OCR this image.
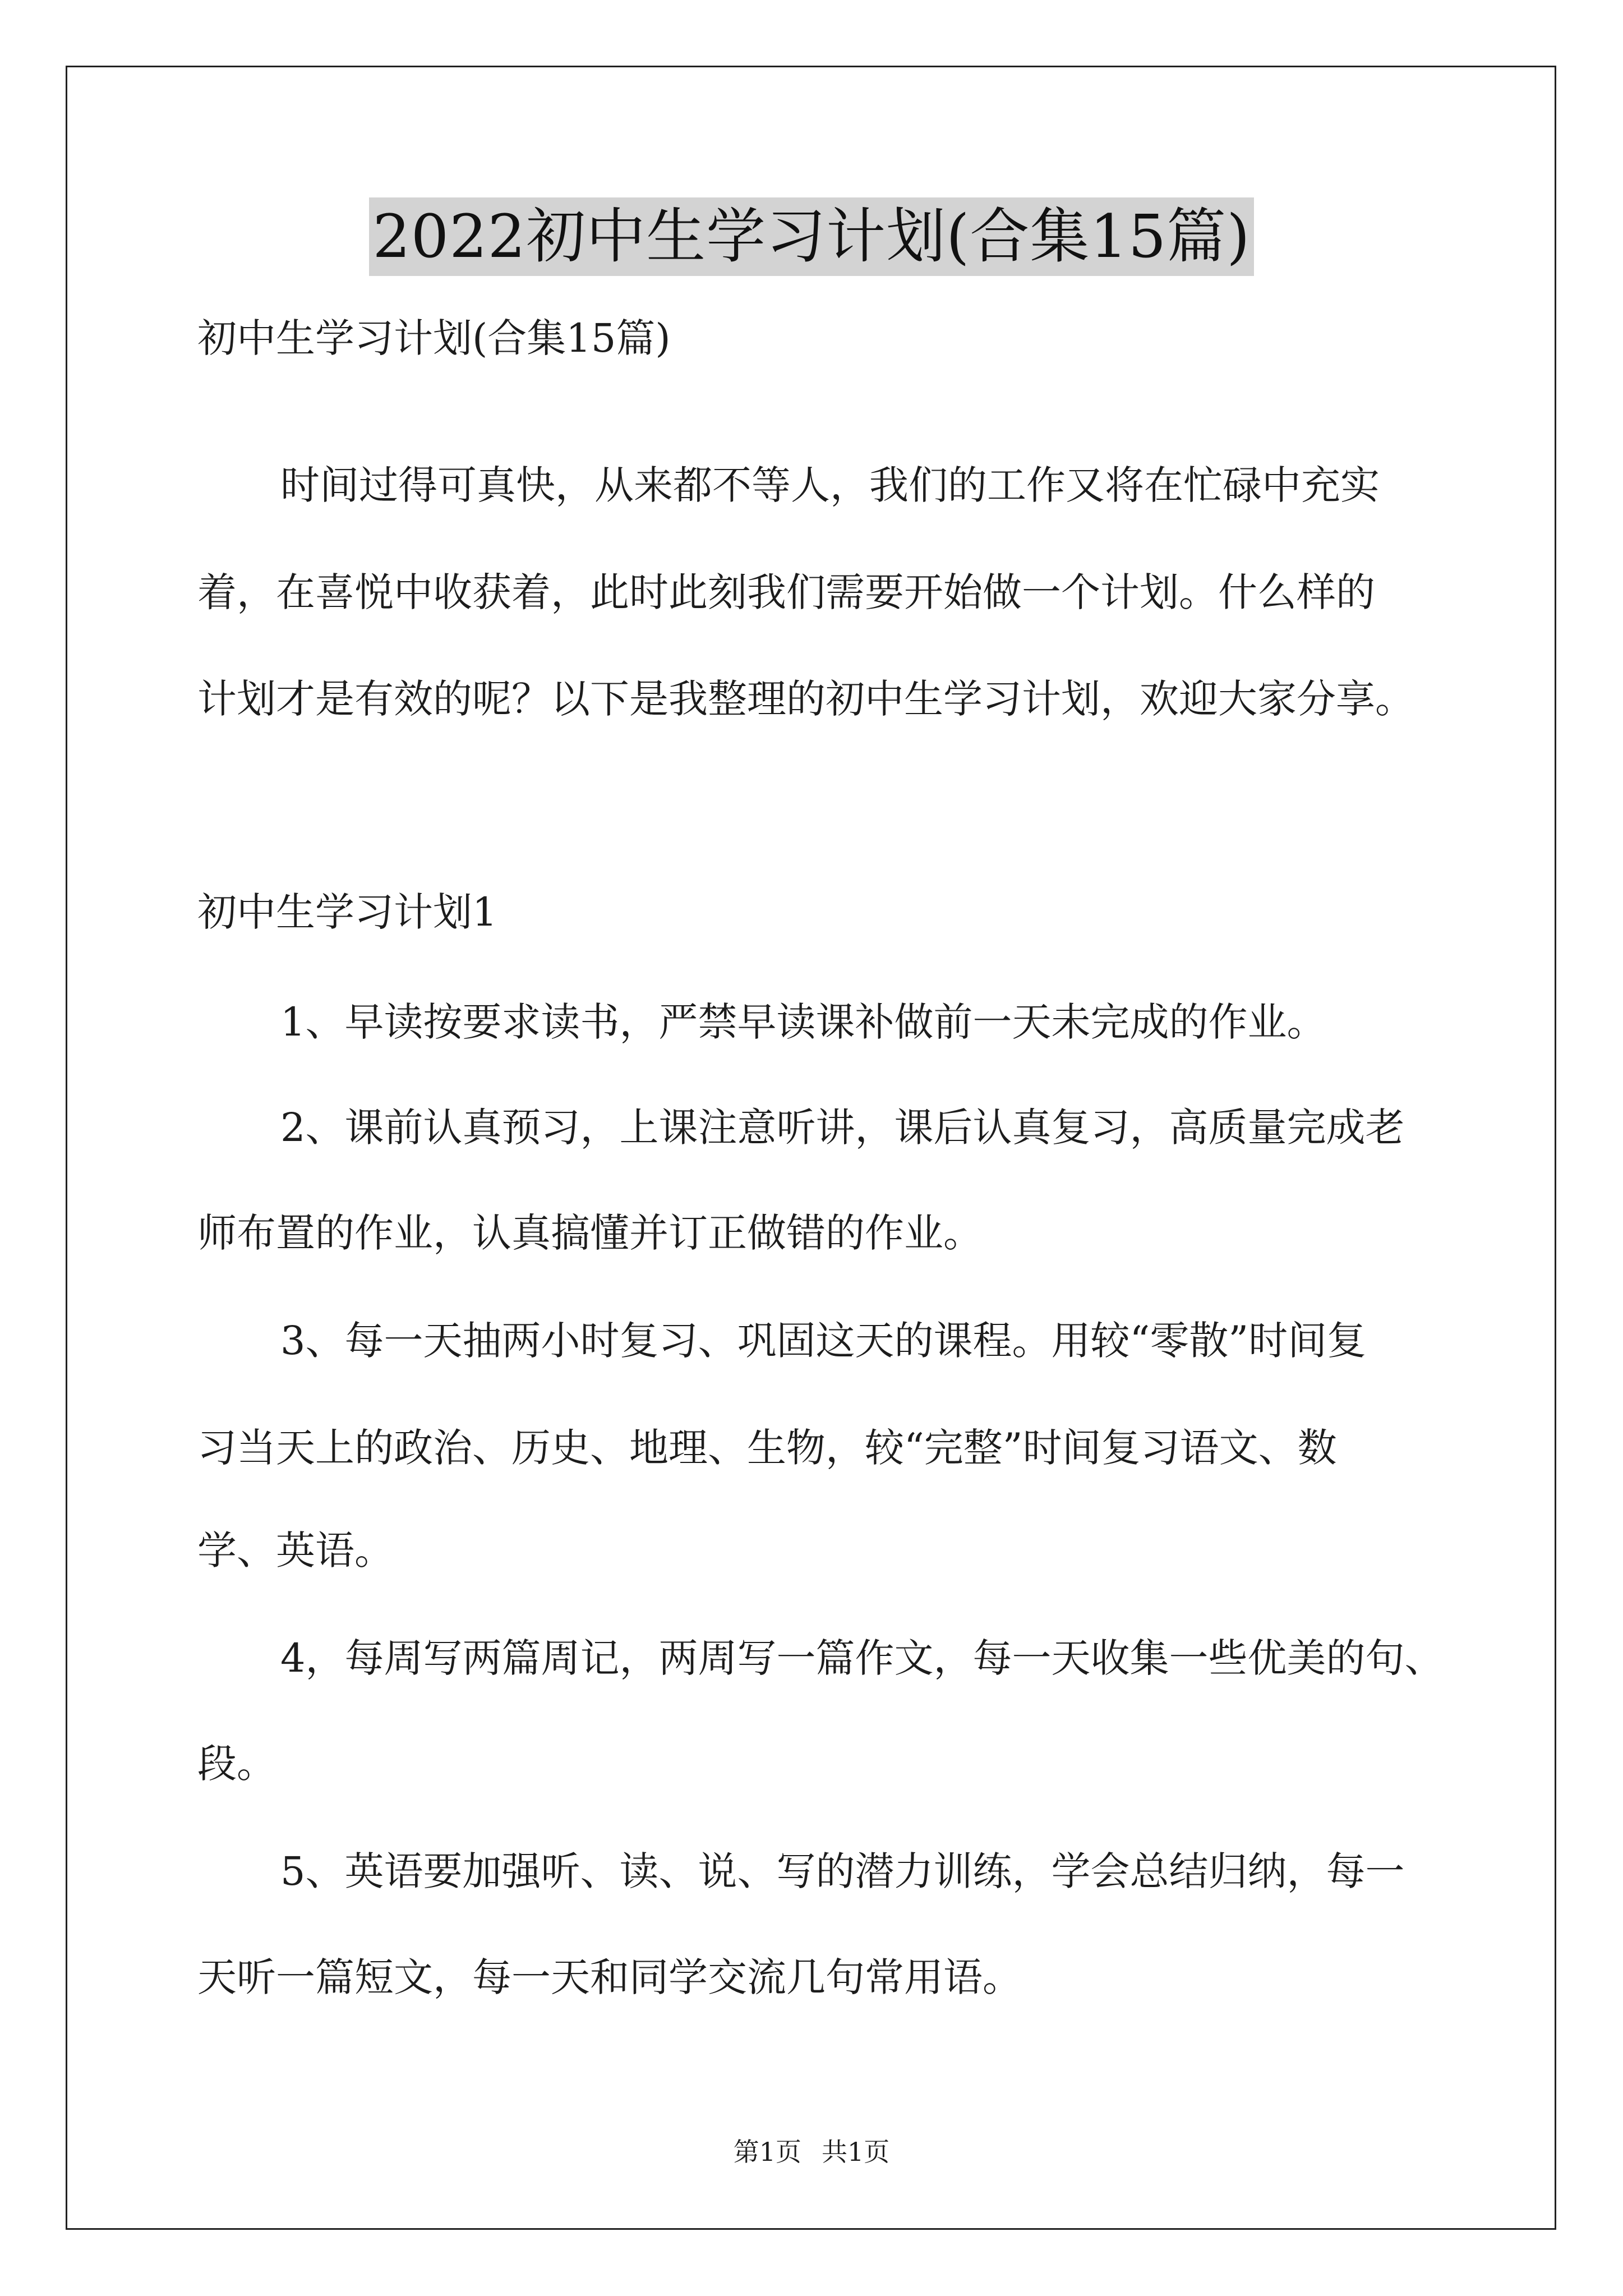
2022初中生学习计划(合集15篇)
初中生学习计划(合集15篇)
时间过得可真快，从来都不等人，我们的工作又将在忙碌中充实
着，在喜悦中收获着，此时此刻我们需要开始做一个计划。什么样的
计划才是有效的呢？以下是我整理的初中生学习计划，欢迎大家分享。
初中生学习计划1
1、早读按要求读书，严禁早读课补做前一天未完成的作业。
2、课前认真预习，上课注意听讲，课后认真复习，高质量完成老
师布置的作业，认真搞懂并订正做错的作业。
3、每一天抽两小时复习、巩固这天的课程。用较“零散”时间复
习当天上的政治、历史、地理、生物，较“完整”时间复习语文、数
学、英语。
4，每周写两篇周记，两周写一篇作文，每一天收集一些优美的句、
段。
5、英语要加强听、读、说、写的潜力训练，学会总结归纳，每一
天听一篇短文，每一天和同学交流几句常用语。
第1页 共1页
